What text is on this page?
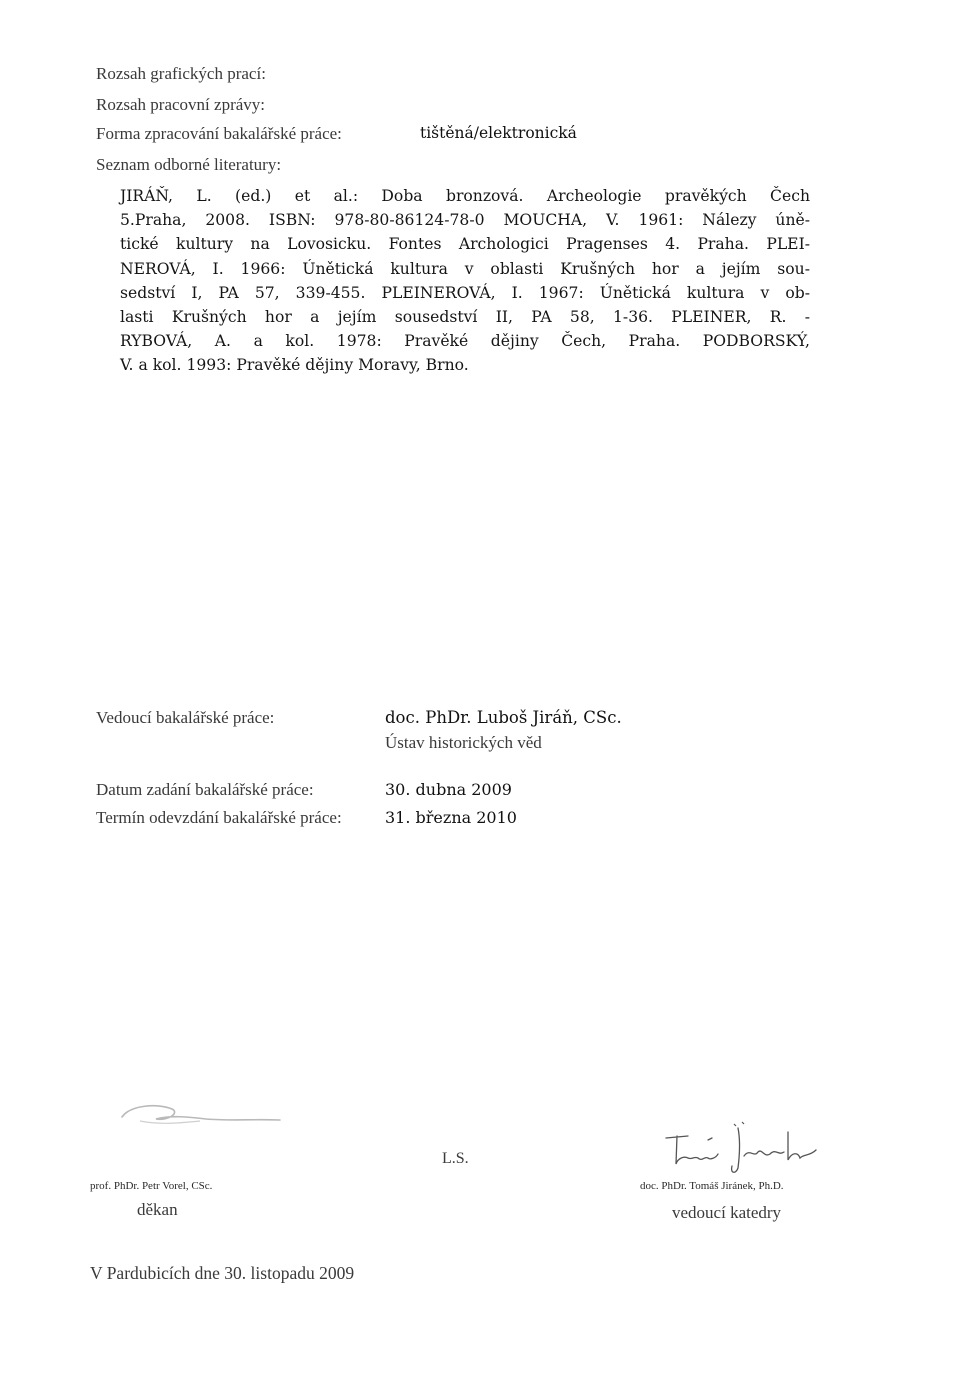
Rozsah grafických prací:
Rozsah pracovní zprávy:
Forma zpracování bakalářské práce:	tištěná/elektronická
Seznam odborné literatury:
JIRÁŇ, L. (ed.) et al.: Doba bronzová. Archeologie pravěkých Čech
5.Praha, 2008. ISBN: 978-80-86124-78-0 MOUCHA, V. 1961: Nálezy úně-
tické kultury na Lovosicku. Fontes Archologici Pragenses 4. Praha. PLEI-
NEROVÁ, I. 1966: Únětická kultura v oblasti Krušných hor a jejím sou-
sedství I, PA 57, 339-455. PLEINEROVÁ, I. 1967: Únětická kultura v ob-
lasti Krušných hor a jejím sousedství II, PA 58, 1-36. PLEINER, R. -
RYBOVÁ, A. a kol. 1978: Pravěké dějiny Čech, Praha. PODBORSKÝ,
V. a kol. 1993: Pravěké dějiny Moravy, Brno.
Vedoucí bakalářské práce:	doc. PhDr. Luboš Jiráň, CSc.
Ústav historických věd
Datum zadání bakalářské práce:	30. dubna 2009
Termín odevzdání bakalářské práce:	31. března 2010
L.S.
prof. PhDr. Petr Vorel, CSc.
děkan
doc. PhDr. Tomáš Jiránek, Ph.D.
vedoucí katedry
V Pardubicích dne 30. listopadu 2009
